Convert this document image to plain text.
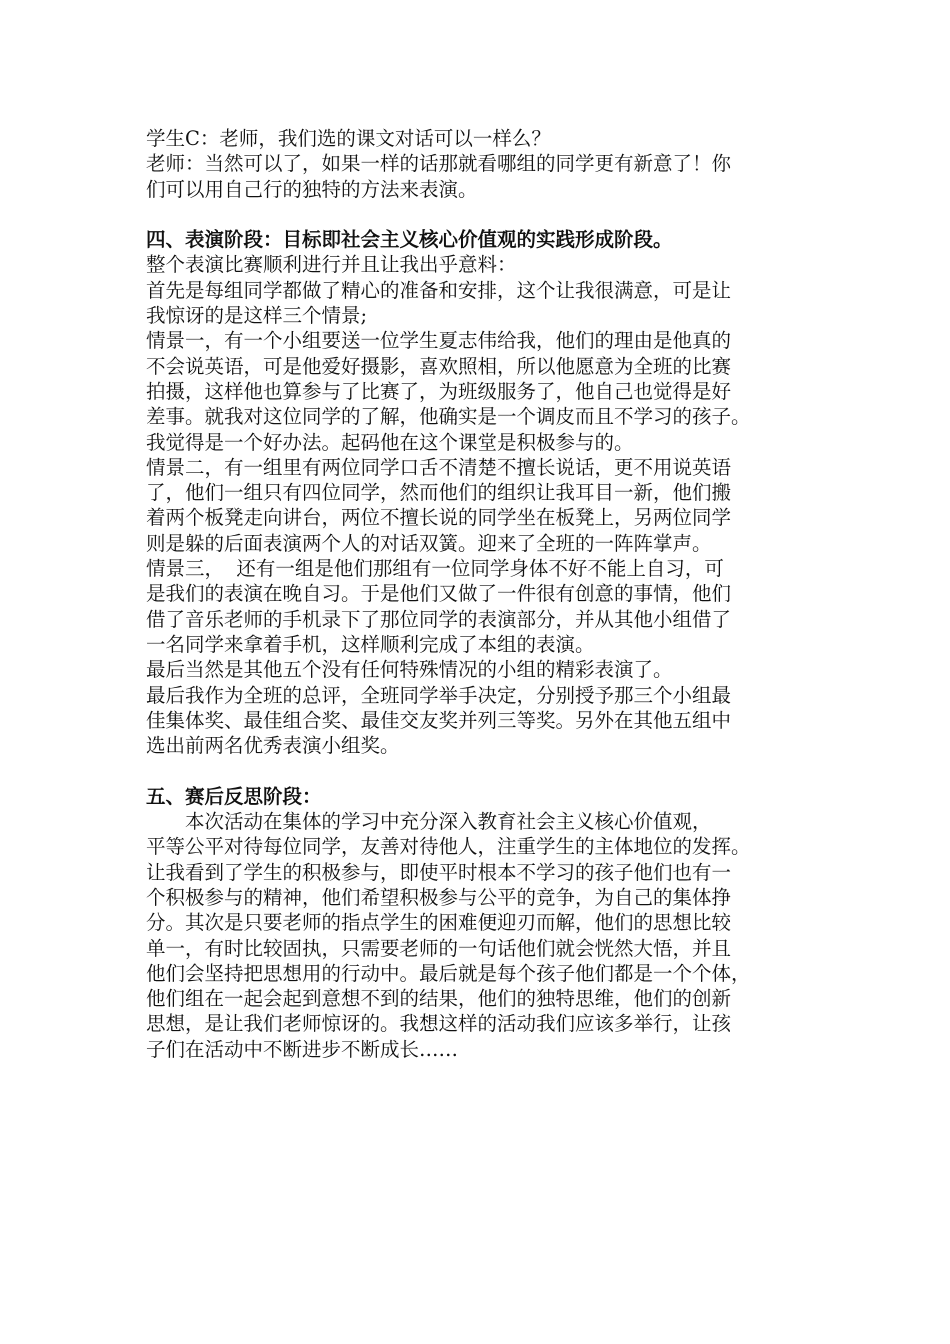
学生C：老师，我们选的课文对话可以一样么？
老师：当然可以了，如果一样的话那就看哪组的同学更有新意了！你
们可以用自己行的独特的方法来表演。
四、表演阶段：目标即社会主义核心价值观的实践形成阶段。
整个表演比赛顺利进行并且让我出乎意料：
首先是每组同学都做了精心的准备和安排，这个让我很满意，可是让
我惊讶的是这样三个情景;
情景一，有一个小组要送一位学生夏志伟给我，他们的理由是他真的
不会说英语，可是他爱好摄影，喜欢照相，所以他愿意为全班的比赛
拍摄，这样他也算参与了比赛了，为班级服务了，他自己也觉得是好
差事。就我对这位同学的了解，他确实是一个调皮而且不学习的孩子。
我觉得是一个好办法。起码他在这个课堂是积极参与的。
情景二，有一组里有两位同学口舌不清楚不擅长说话，更不用说英语
了，他们一组只有四位同学，然而他们的组织让我耳目一新，他们搬
着两个板凳走向讲台，两位不擅长说的同学坐在板凳上，另两位同学
则是躲的后面表演两个人的对话双簧。迎来了全班的一阵阵掌声。
情景三，  还有一组是他们那组有一位同学身体不好不能上自习，可
是我们的表演在晚自习。于是他们又做了一件很有创意的事情，他们
借了音乐老师的手机录下了那位同学的表演部分，并从其他小组借了
一名同学来拿着手机，这样顺利完成了本组的表演。
最后当然是其他五个没有任何特殊情况的小组的精彩表演了。
最后我作为全班的总评，全班同学举手决定，分别授予那三个小组最
佳集体奖、最佳组合奖、最佳交友奖并列三等奖。另外在其他五组中
选出前两名优秀表演小组奖。
五、赛后反思阶段：
本次活动在集体的学习中充分深入教育社会主义核心价值观，
平等公平对待每位同学，友善对待他人，注重学生的主体地位的发挥。
让我看到了学生的积极参与，即使平时根本不学习的孩子他们也有一
个积极参与的精神，他们希望积极参与公平的竞争，为自己的集体挣
分。其次是只要老师的指点学生的困难便迎刃而解，他们的思想比较
单一，有时比较固执，只需要老师的一句话他们就会恍然大悟，并且
他们会坚持把思想用的行动中。最后就是每个孩子他们都是一个个体，
他们组在一起会起到意想不到的结果，他们的独特思维，他们的创新
思想，是让我们老师惊讶的。我想这样的活动我们应该多举行，让孩
子们在活动中不断进步不断成长……
